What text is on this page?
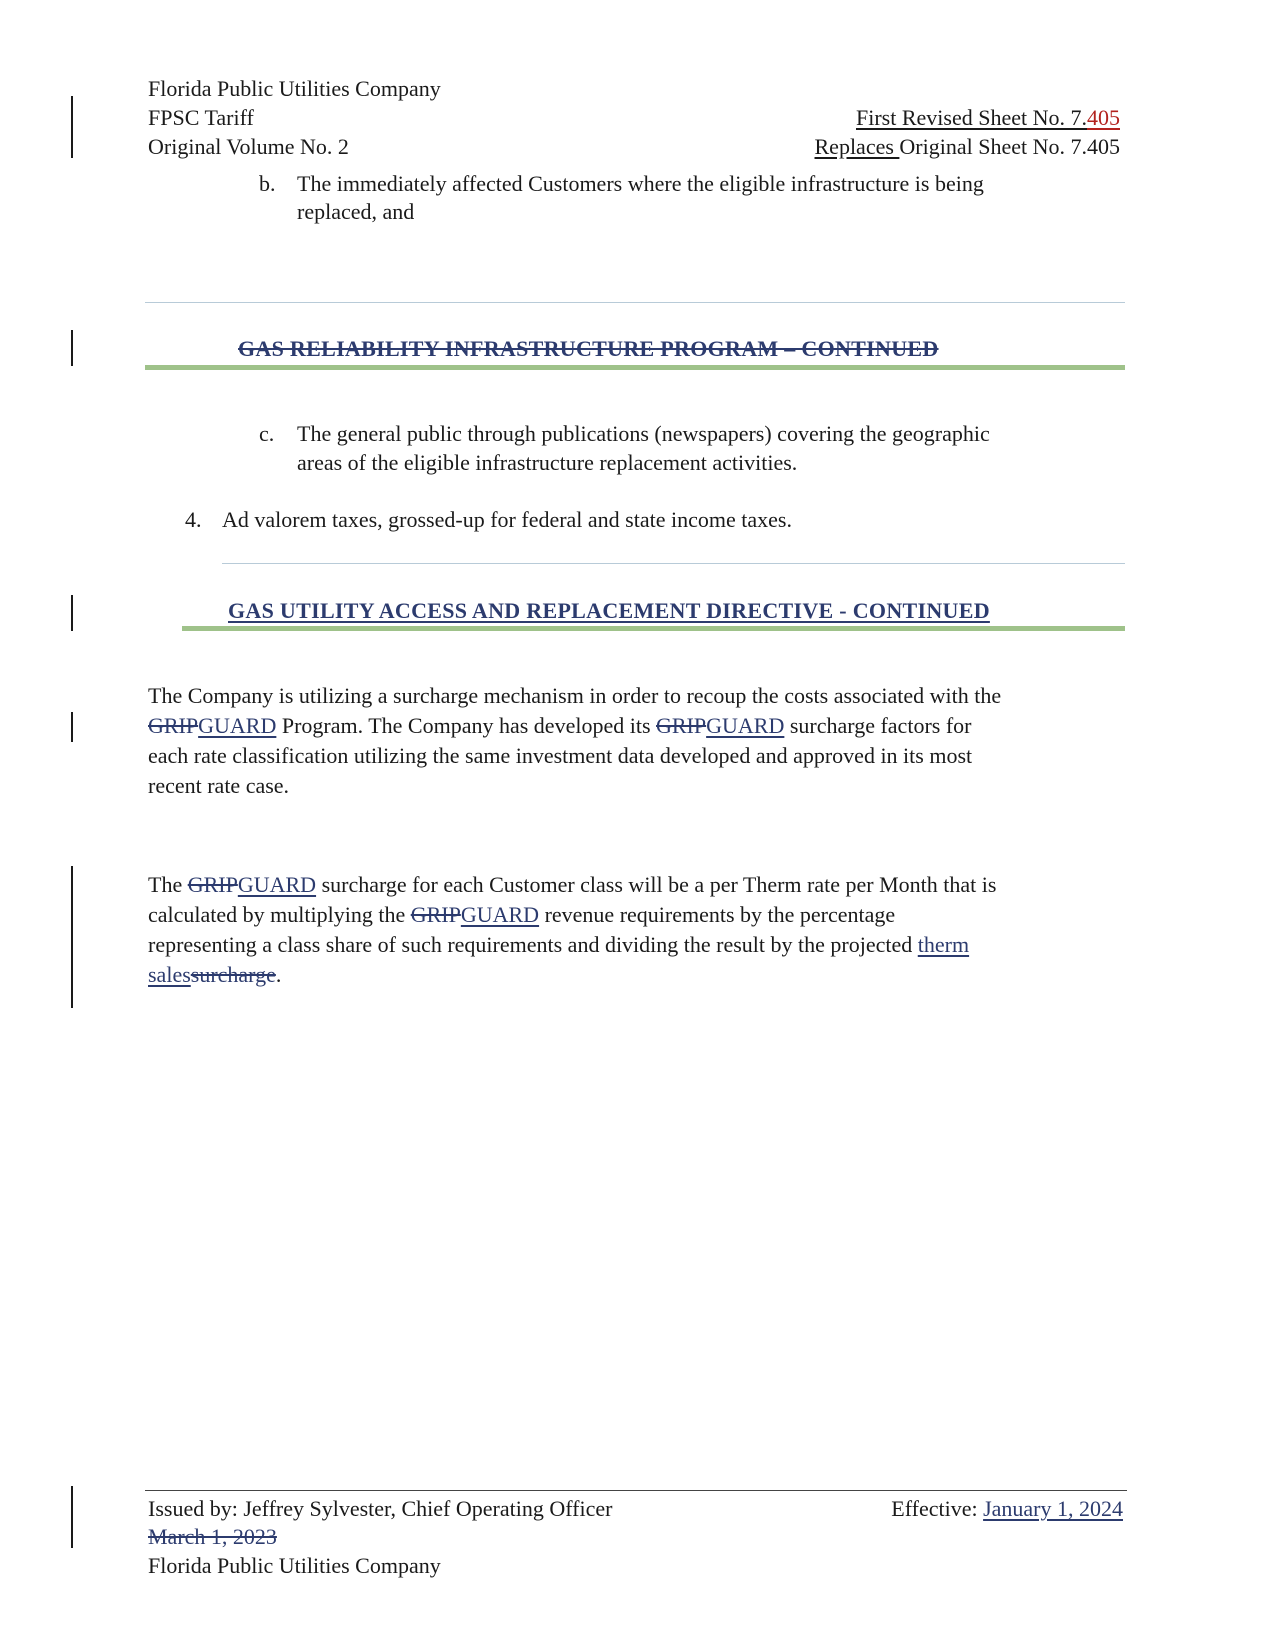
Florida Public Utilities Company
FPSC Tariff
Original Volume No. 2
First Revised Sheet No. 7.405
Replaces Original Sheet No. 7.405
b. The immediately affected Customers where the eligible infrastructure is being
replaced, and
GAS RELIABILITY INFRASTRUCTURE PROGRAM – CONTINUED
c. The general public through publications (newspapers) covering the geographic
areas of the eligible infrastructure replacement activities.
4. Ad valorem taxes, grossed-up for federal and state income taxes.
GAS UTILITY ACCESS AND REPLACEMENT DIRECTIVE - CONTINUED
The Company is utilizing a surcharge mechanism in order to recoup the costs associated with the
GRIPGUARD Program. The Company has developed its GRIPGUARD surcharge factors for
each rate classification utilizing the same investment data developed and approved in its most
recent rate case.
The GRIPGUARD surcharge for each Customer class will be a per Therm rate per Month that is
calculated by multiplying the GRIPGUARD revenue requirements by the percentage
representing a class share of such requirements and dividing the result by the projected therm
salessurcharge.
Issued by: Jeffrey Sylvester, Chief Operating Officer
March 1, 2023
Florida Public Utilities Company
Effective: January 1, 2024
